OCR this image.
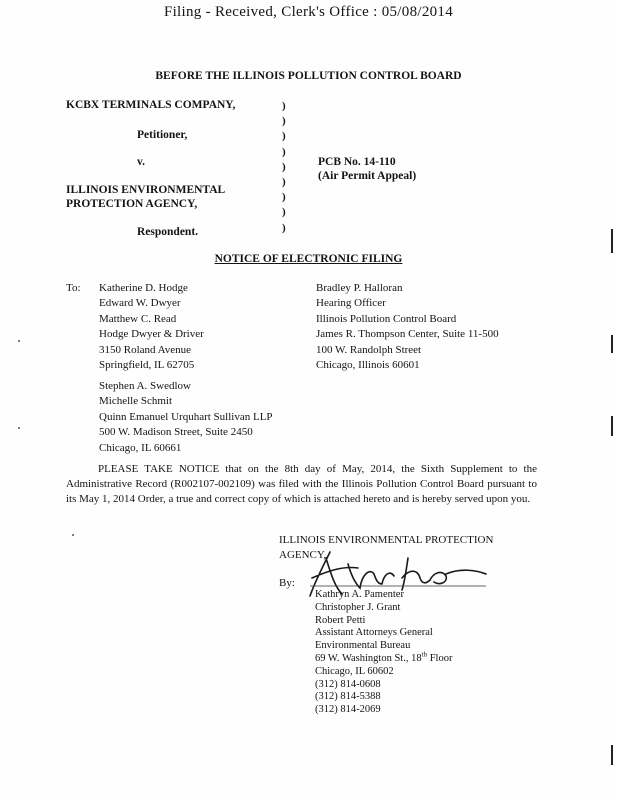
Filing - Received, Clerk's Office : 05/08/2014
BEFORE THE ILLINOIS POLLUTION CONTROL BOARD
KCBX TERMINALS COMPANY,
Petitioner,
v.
ILLINOIS ENVIRONMENTAL
PROTECTION AGENCY,
Respondent.
)
)
)
)
)
)
)
)
)
PCB No. 14-110
(Air Permit Appeal)
NOTICE OF ELECTRONIC FILING
To: Katherine D. Hodge
Edward W. Dwyer
Matthew C. Read
Hodge Dwyer & Driver
3150 Roland Avenue
Springfield, IL 62705
Bradley P. Halloran
Hearing Officer
Illinois Pollution Control Board
James R. Thompson Center, Suite 11-500
100 W. Randolph Street
Chicago, Illinois 60601
Stephen A. Swedlow
Michelle Schmit
Quinn Emanuel Urquhart Sullivan LLP
500 W. Madison Street, Suite 2450
Chicago, IL 60661
PLEASE TAKE NOTICE that on the 8th day of May, 2014, the Sixth Supplement to the Administrative Record (R002107-002109) was filed with the Illinois Pollution Control Board pursuant to its May 1, 2014 Order, a true and correct copy of which is attached hereto and is hereby served upon you.
ILLINOIS ENVIRONMENTAL PROTECTION
AGENCY,
By:
Kathryn A. Pamenter
Christopher J. Grant
Robert Petti
Assistant Attorneys General
Environmental Bureau
69 W. Washington St., 18th Floor
Chicago, IL 60602
(312) 814-0608
(312) 814-5388
(312) 814-2069
